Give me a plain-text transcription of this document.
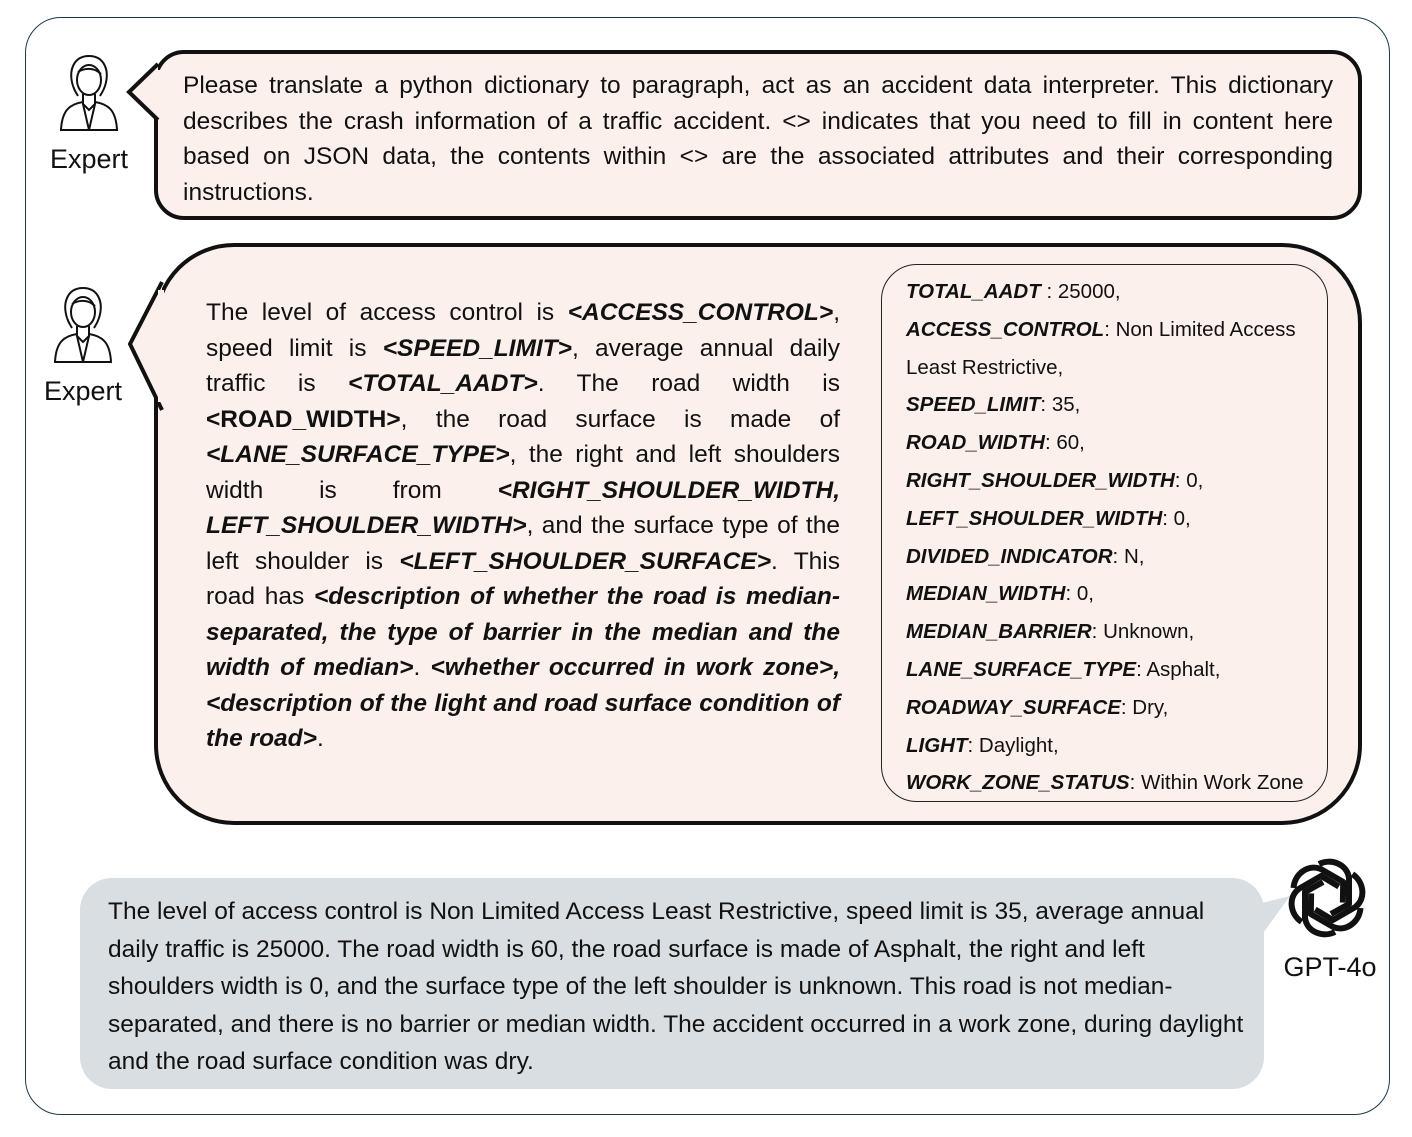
Expert
Please translate a python dictionary to paragraph, act as an accident data interpreter. This dictionary describes the crash information of a traffic accident. <> indicates that you need to fill in content here based on JSON data, the contents within <> are the associated attributes and their corresponding instructions.
Expert
The level of access control is <ACCESS_CONTROL>, speed limit is <SPEED_LIMIT>, average annual daily traffic is <TOTAL_AADT>. The road width is <ROAD_WIDTH>, the road surface is made of <LANE_SURFACE_TYPE>, the right and left shoulders width is from <RIGHT_SHOULDER_WIDTH, LEFT_SHOULDER_WIDTH>, and the surface type of the left shoulder is <LEFT_SHOULDER_SURFACE>. This road has <description of whether the road is median-separated, the type of barrier in the median and the width of median>. <whether occurred in work zone>, <description of the light and road surface condition of the road>.
TOTAL_AADT : 25000,
ACCESS_CONTROL: Non Limited Access
Least Restrictive,
SPEED_LIMIT: 35,
ROAD_WIDTH: 60,
RIGHT_SHOULDER_WIDTH: 0,
LEFT_SHOULDER_WIDTH: 0,
DIVIDED_INDICATOR: N,
MEDIAN_WIDTH: 0,
MEDIAN_BARRIER: Unknown,
LANE_SURFACE_TYPE: Asphalt,
ROADWAY_SURFACE: Dry,
LIGHT: Daylight,
WORK_ZONE_STATUS: Within Work Zone
The level of access control is Non Limited Access Least Restrictive, speed limit is 35, average annual daily traffic is 25000. The road width is 60, the road surface is made of Asphalt, the right and left shoulders width is 0, and the surface type of the left shoulder is unknown. This road is not median-separated, and there is no barrier or median width. The accident occurred in a work zone, during daylight and the road surface condition was dry.
GPT-4o
